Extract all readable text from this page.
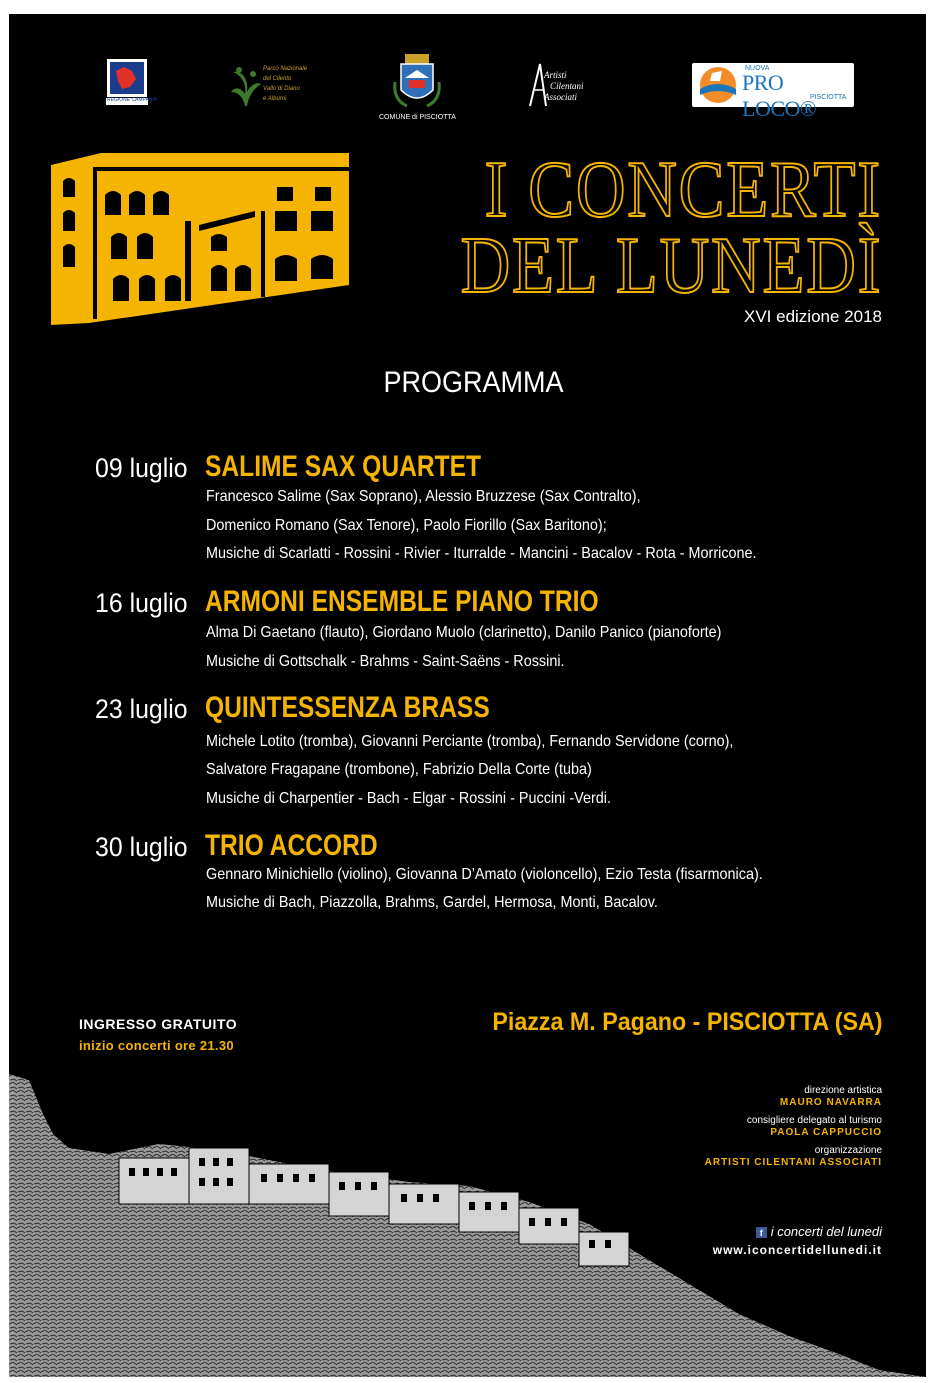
REGIONE CAMPANIA
Parco Nazionale
del Cilento
Vallo di Diano
e Alburni
COMUNE di PISCIOTTA
Artisti
Cilentani
Associati
NUOVA
PRO LOCO®
PISCIOTTA
I CONCERTI
DEL LUNEDÌ
XVI edizione 2018
PROGRAMMA
09 luglio SALIME SAX QUARTET
Francesco Salime (Sax Soprano), Alessio Bruzzese (Sax Contralto),
Domenico Romano (Sax Tenore), Paolo Fiorillo (Sax Baritono);
Musiche di Scarlatti - Rossini - Rivier - Iturralde - Mancini - Bacalov - Rota - Morricone.
16 luglio ARMONI ENSEMBLE PIANO TRIO
Alma Di Gaetano (flauto), Giordano Muolo (clarinetto), Danilo Panico (pianoforte)
Musiche di Gottschalk - Brahms - Saint-Saëns - Rossini.
23 luglio QUINTESSENZA BRASS
Michele Lotito (tromba), Giovanni Perciante (tromba), Fernando Servidone (corno),
Salvatore Fragapane (trombone), Fabrizio Della Corte (tuba)
Musiche di Charpentier - Bach - Elgar - Rossini - Puccini -Verdi.
30 luglio TRIO ACCORD
Gennaro Minichiello (violino), Giovanna D’Amato (violoncello), Ezio Testa (fisarmonica).
Musiche di Bach, Piazzolla, Brahms, Gardel, Hermosa, Monti, Bacalov.
INGRESSO GRATUITO
inizio concerti ore 21.30
Piazza M. Pagano - PISCIOTTA (SA)
direzione artistica
MAURO NAVARRA
consigliere delegato al turismo
PAOLA CAPPUCCIO
organizzazione
ARTISTI CILENTANI ASSOCIATI
f i concerti del lunedi
www.iconcertidellunedi.it
